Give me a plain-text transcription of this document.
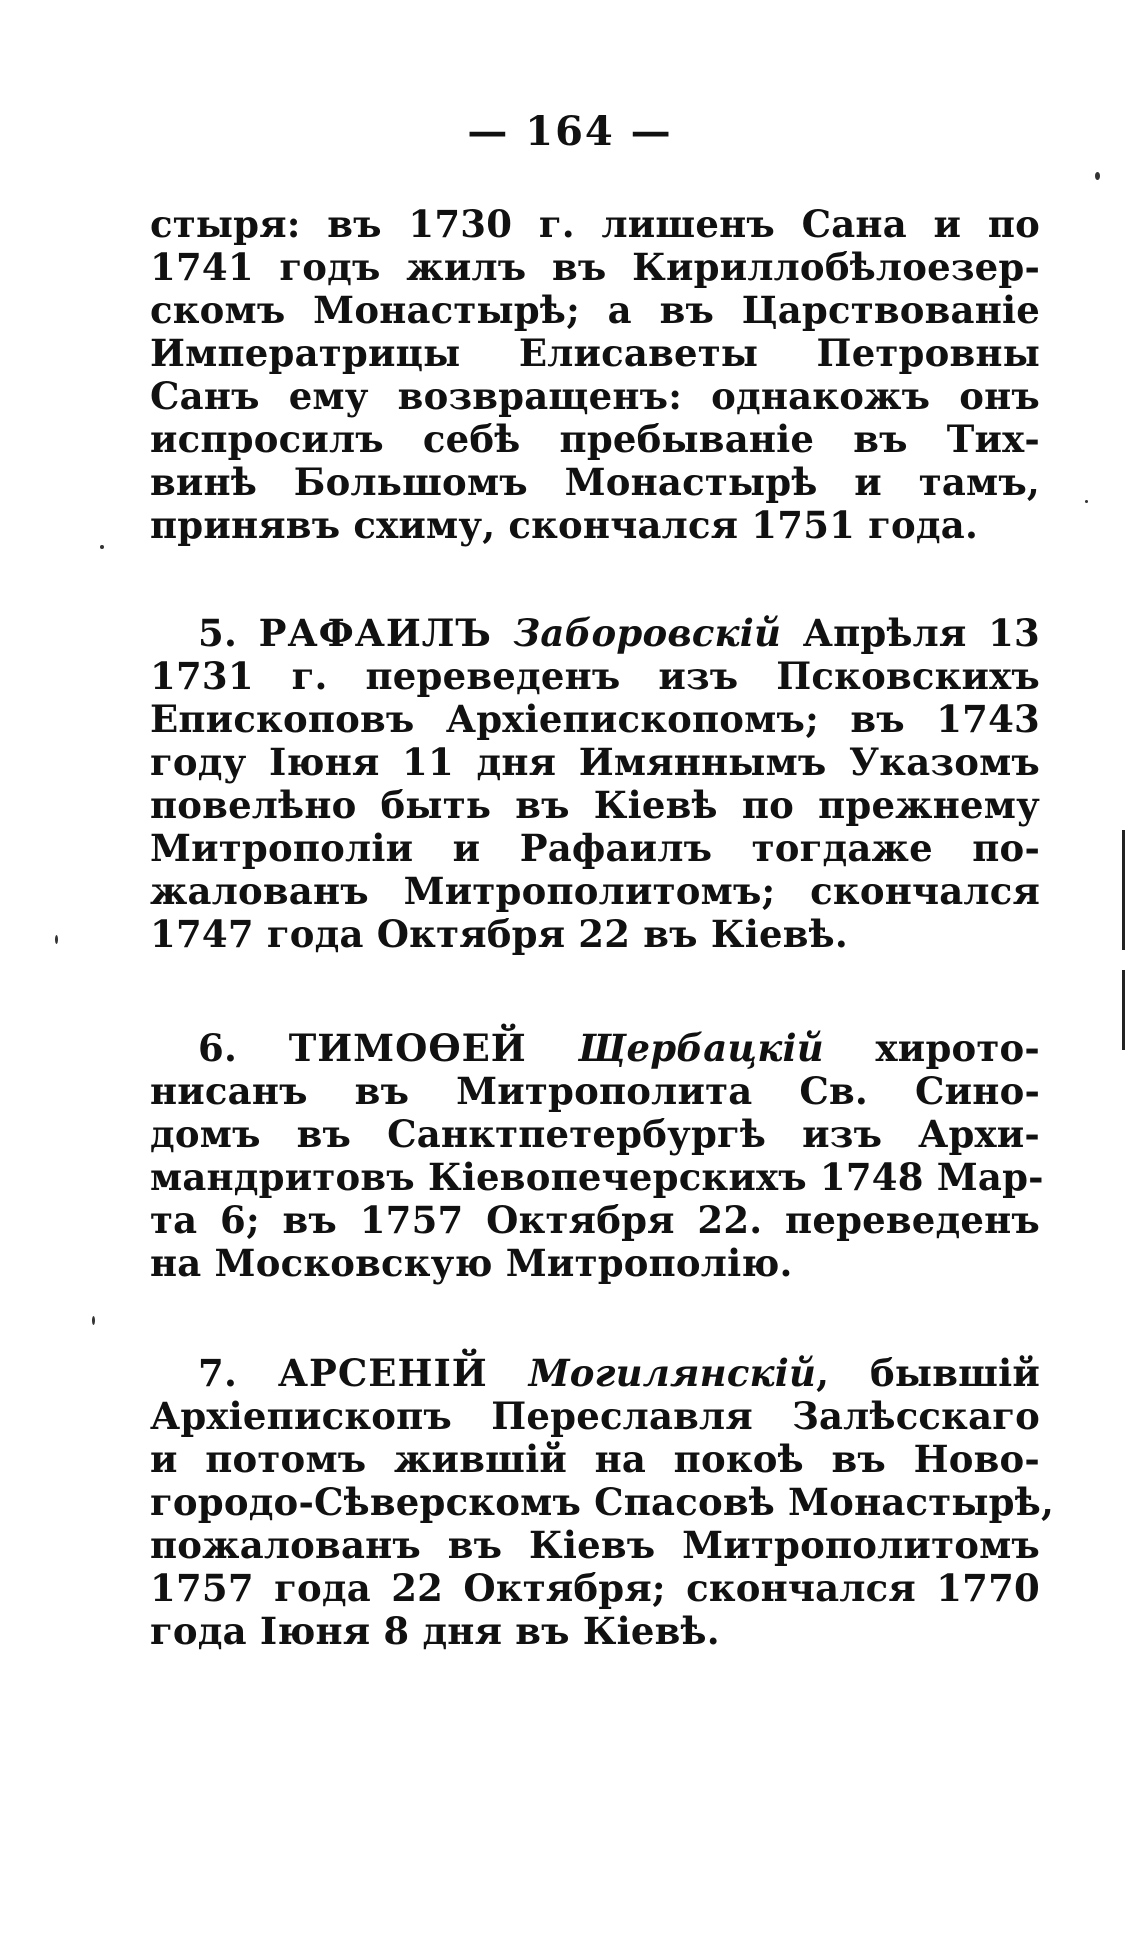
— 164 —
стыря: въ 1730 г. лишенъ Сана и по
1741 годъ жилъ въ Кириллобѣлоезер-
скомъ Монастырѣ; а въ Царствованіе
Императрицы Елисаветы Петровны
Санъ ему возвращенъ: однакожъ онъ
испросилъ себѣ пребываніе въ Тих-
винѣ Большомъ Монастырѣ и тамъ,
принявъ схиму, скончался 1751 года.
5. РАФАИЛЪ Заборовскій Апрѣля 13
1731 г. переведенъ изъ Псковскихъ
Епископовъ Архіепископомъ; въ 1743
году Іюня 11 дня Имяннымъ Указомъ
повелѣно быть въ Кіевѣ по прежнему
Митрополіи и Рафаилъ тогдаже по-
жалованъ Митрополитомъ; скончался
1747 года Октября 22 въ Кіевѣ.
6. ТИМОѲЕЙ Щербацкій хирото-
нисанъ въ Митрополита Св. Сино-
домъ въ Санктпетербургѣ изъ Архи-
мандритовъ Кіевопечерскихъ 1748 Мар-
та 6; въ 1757 Октября 22. переведенъ
на Московскую Митрополію.
7. АРСЕНІЙ Могилянскій, бывшій
Архіепископъ Переславля Залѣсскаго
и потомъ жившій на покоѣ въ Ново-
городо-Сѣверскомъ Спасовѣ Монастырѣ,
пожалованъ въ Кіевъ Митрополитомъ
1757 года 22 Октября; скончался 1770
года Іюня 8 дня въ Кіевѣ.
